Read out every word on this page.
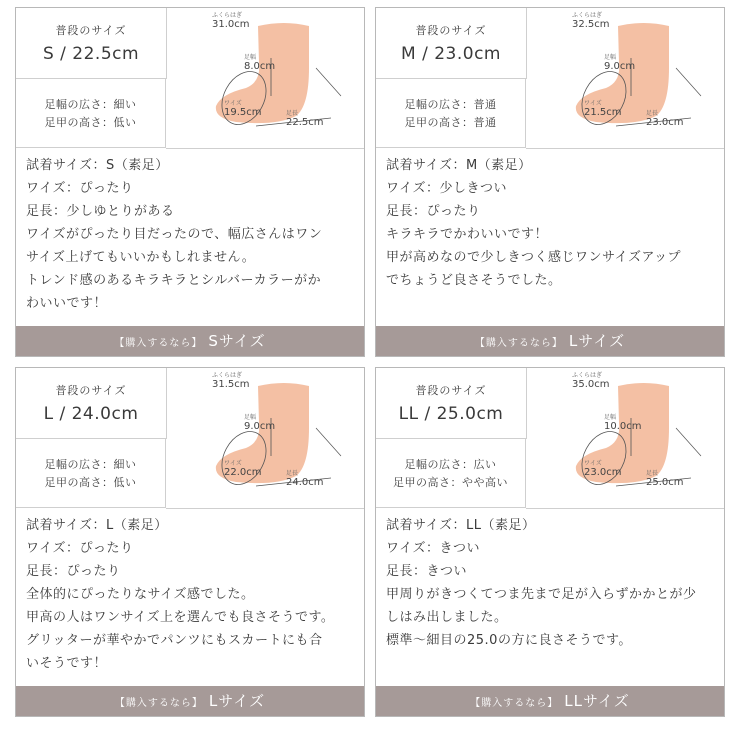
普段のサイズ
S / 22.5cm
足幅の広さ：細い
足甲の高さ：低い
ふくらはぎ
31.0cm
足幅
8.0cm
ワイズ
19.5cm	足長
22.5cm
試着サイズ：S（素足）
ワイズ：ぴったり
足長：少しゆとりがある
ワイズがぴったり目だったので、幅広さんはワン
サイズ上げてもいいかもしれません。
トレンド感のあるキラキラとシルバーカラーがか
わいいです！
【購入するなら】 Sサイズ
普段のサイズ
M / 23.0cm
足幅の広さ：普通
足甲の高さ：普通
ふくらはぎ
32.5cm
足幅
9.0cm
ワイズ
21.5cm	足長
23.0cm
試着サイズ：M（素足）
ワイズ：少しきつい
足長：ぴったり
キラキラでかわいいです！
甲が高めなので少しきつく感じワンサイズアップ
でちょうど良さそうでした。
【購入するなら】 Lサイズ
普段のサイズ
L / 24.0cm
足幅の広さ：細い
足甲の高さ：低い
ふくらはぎ
31.5cm
足幅
9.0cm
ワイズ
22.0cm	足長
24.0cm
試着サイズ：L（素足）
ワイズ：ぴったり
足長：ぴったり
全体的にぴったりなサイズ感でした。
甲高の人はワンサイズ上を選んでも良さそうです。
グリッターが華やかでパンツにもスカートにも合
いそうです！
【購入するなら】 Lサイズ
普段のサイズ
LL / 25.0cm
足幅の広さ：広い
足甲の高さ：やや高い
ふくらはぎ
35.0cm
足幅
10.0cm
ワイズ
23.0cm	足長
25.0cm
試着サイズ：LL（素足）
ワイズ：きつい
足長：きつい
甲周りがきつくてつま先まで足が入らずかかとが少
しはみ出しました。
標準～細目の25.0の方に良さそうです。
【購入するなら】 LLサイズ
